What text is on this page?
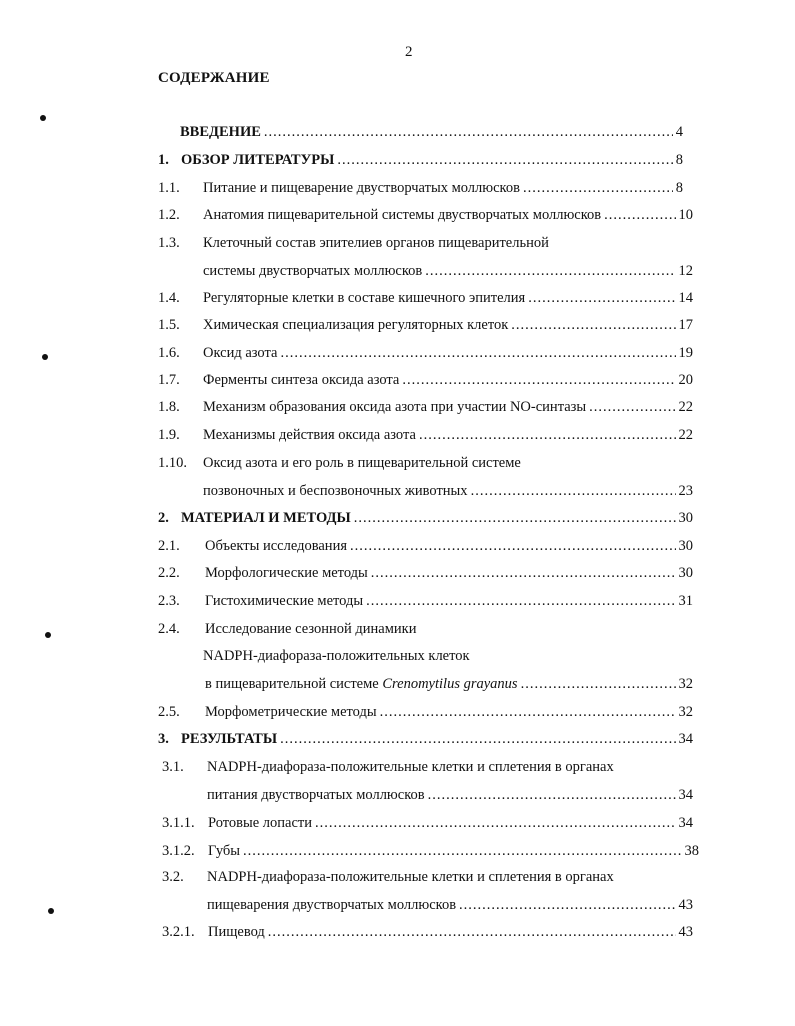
2
СОДЕРЖАНИЕ
ВВЕДЕНИЕ .....	4
1. ОБЗОР ЛИТЕРАТУРЫ .....	8
1.1. Питание и пищеварение двустворчатых моллюсков .....	8
1.2. Анатомия пищеварительной системы двустворчатых моллюсков .....	10
1.3. Клеточный состав эпителиев органов пищеварительной
системы двустворчатых моллюсков .....	12
1.4. Регуляторные клетки в составе кишечного эпителия .....	14
1.5. Химическая специализация регуляторных клеток .....	17
1.6. Оксид азота .....	19
1.7. Ферменты синтеза оксида азота .....	20
1.8. Механизм образования оксида азота при участии NO-синтазы .....	22
1.9. Механизмы действия оксида азота .....	22
1.10. Оксид азота и его роль в пищеварительной системе
позвоночных и беспозвоночных животных .....	23
2. МАТЕРИАЛ И МЕТОДЫ .....	30
2.1. Объекты исследования .....	30
2.2. Морфологические методы .....	30
2.3. Гистохимические методы .....	31
2.4. Исследование сезонной динамики
NADPH-диафораза-положительных клеток
в пищеварительной системе Crenomytilus grayanus .....	32
2.5. Морфометрические методы .....	32
3. РЕЗУЛЬТАТЫ .....	34
3.1. NADPH-диафораза-положительные клетки и сплетения в органах
питания двустворчатых моллюсков .....	34
3.1.1. Ротовые лопасти .....	34
3.1.2. Губы .....	38
3.2. NADPH-диафораза-положительные клетки и сплетения в органах
пищеварения двустворчатых моллюсков .....	43
3.2.1. Пищевод .....	43
